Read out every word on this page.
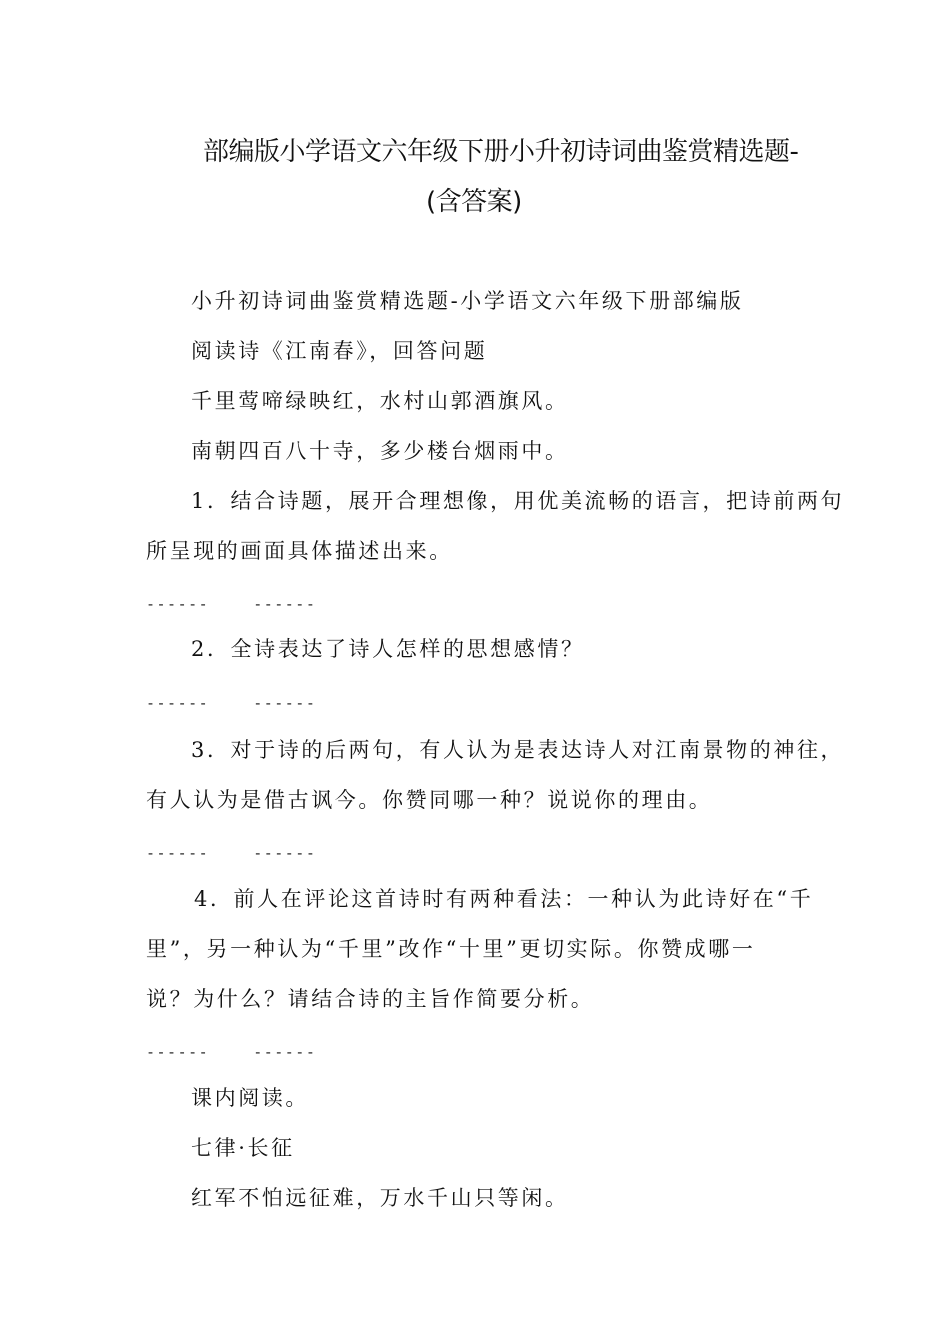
部编版小学语文六年级下册小升初诗词曲鉴赏精选题-
(含答案)
小升初诗词曲鉴赏精选题-小学语文六年级下册部编版
阅读诗《江南春》，回答问题
千里莺啼绿映红，水村山郭酒旗风。
南朝四百八十寺，多少楼台烟雨中。
1．结合诗题，展开合理想像，用优美流畅的语言，把诗前两句
所呈现的画面具体描述出来。
------	------
2．全诗表达了诗人怎样的思想感情？
------	------
3．对于诗的后两句，有人认为是表达诗人对江南景物的神往，
有人认为是借古讽今。你赞同哪一种？说说你的理由。
------	------
4．前人在评论这首诗时有两种看法：一种认为此诗好在“千
里”，另一种认为“千里”改作“十里”更切实际。你赞成哪一
说？为什么？请结合诗的主旨作简要分析。
------	------
课内阅读。
七律·长征
红军不怕远征难，万水千山只等闲。
